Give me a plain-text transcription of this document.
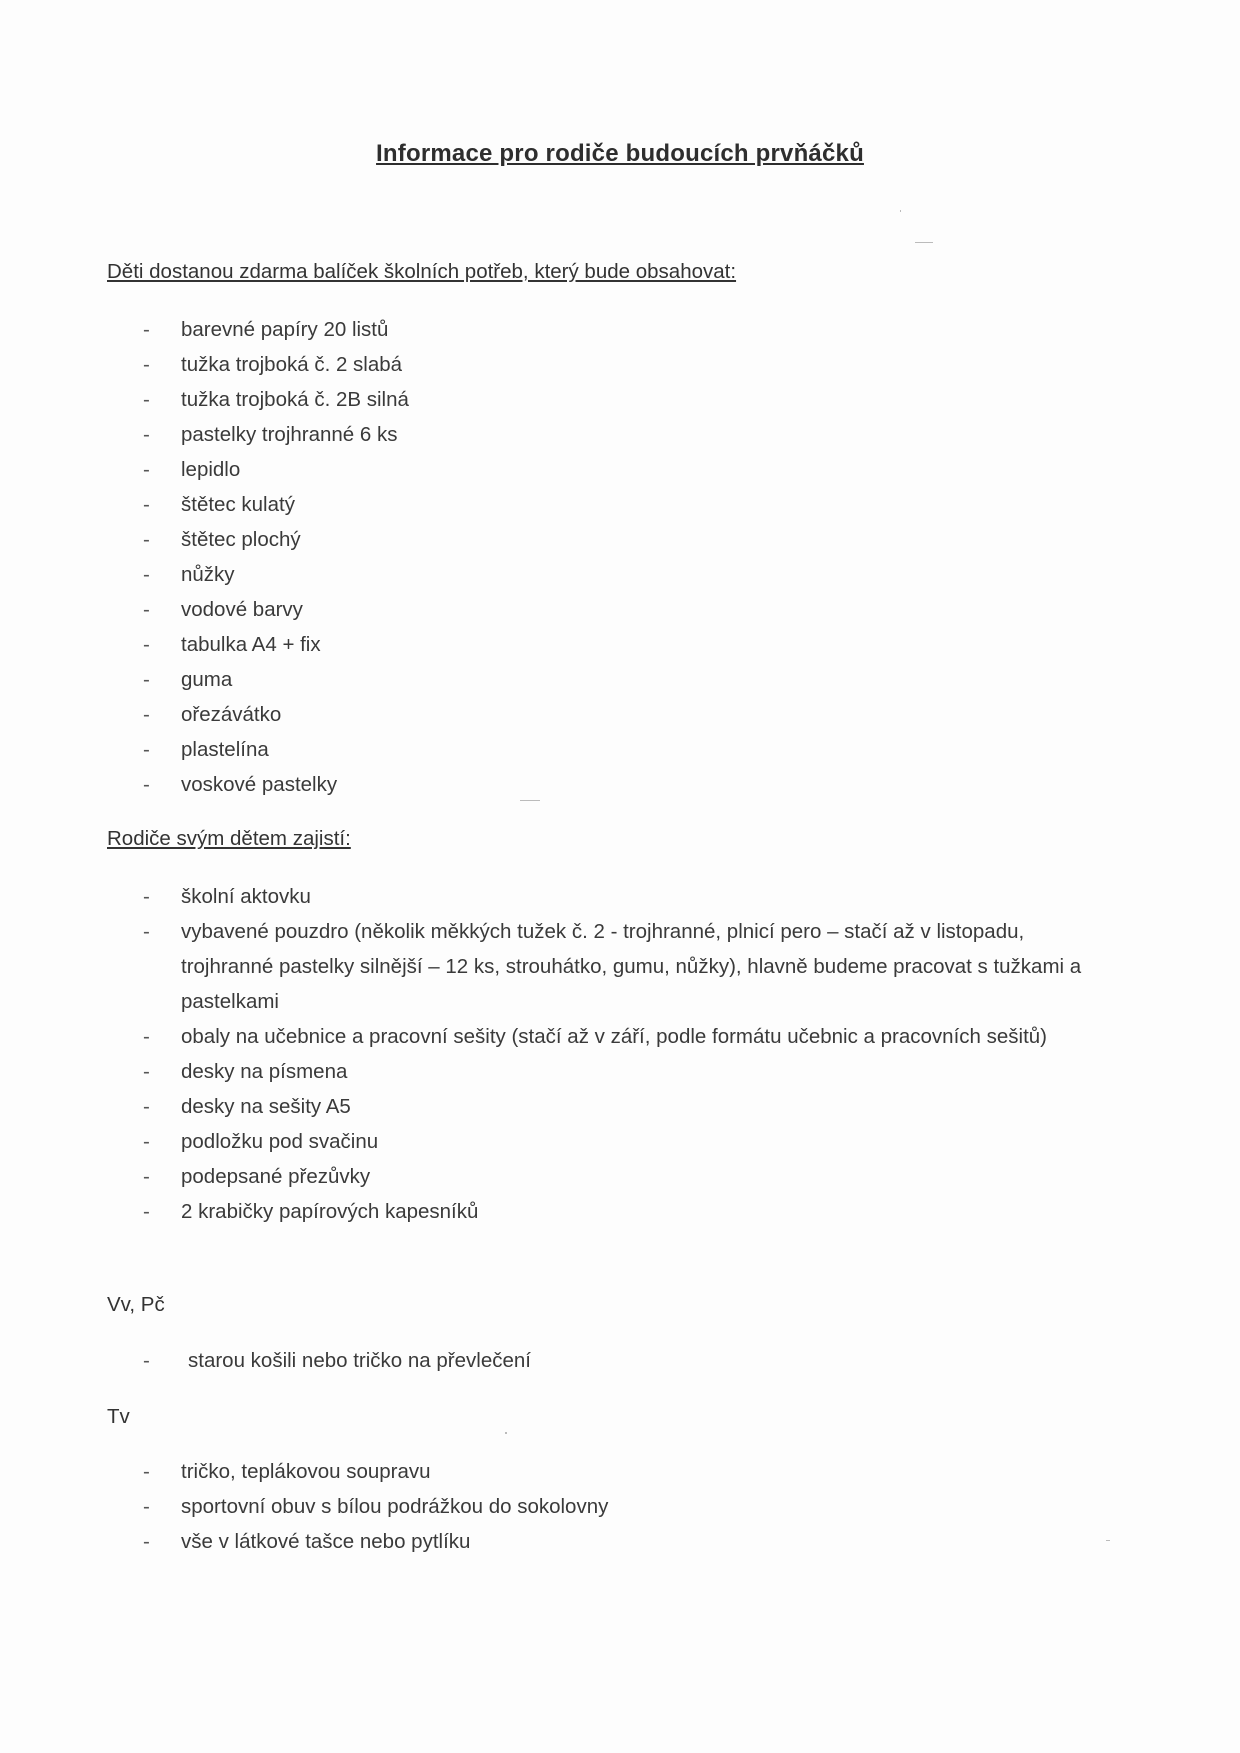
Informace pro rodiče budoucích prvňáčků
Děti dostanou zdarma balíček školních potřeb, který bude obsahovat:
- barevné papíry 20 listů
- tužka trojboká č. 2 slabá
- tužka trojboká č. 2B silná
- pastelky trojhranné 6 ks
- lepidlo
- štětec kulatý
- štětec plochý
- nůžky
- vodové barvy
- tabulka A4 + fix
- guma
- ořezávátko
- plastelína
- voskové pastelky
Rodiče svým dětem zajistí:
- školní aktovku
- vybavené pouzdro (několik měkkých tužek č. 2 - trojhranné, plnicí pero – stačí až v listopadu, trojhranné pastelky silnější – 12 ks, strouhátko, gumu, nůžky), hlavně budeme pracovat s tužkami a pastelkami
- obaly na učebnice a pracovní sešity (stačí až v září, podle formátu učebnic a pracovních sešitů)
- desky na písmena
- desky na sešity A5
- podložku pod svačinu
- podepsané přezůvky
- 2 krabičky papírových kapesníků
Vv, Pč
- starou košili nebo tričko na převlečení
Tv
- tričko, teplákovou soupravu
- sportovní obuv s bílou podrážkou do sokolovny
- vše v látkové tašce nebo pytlíku
